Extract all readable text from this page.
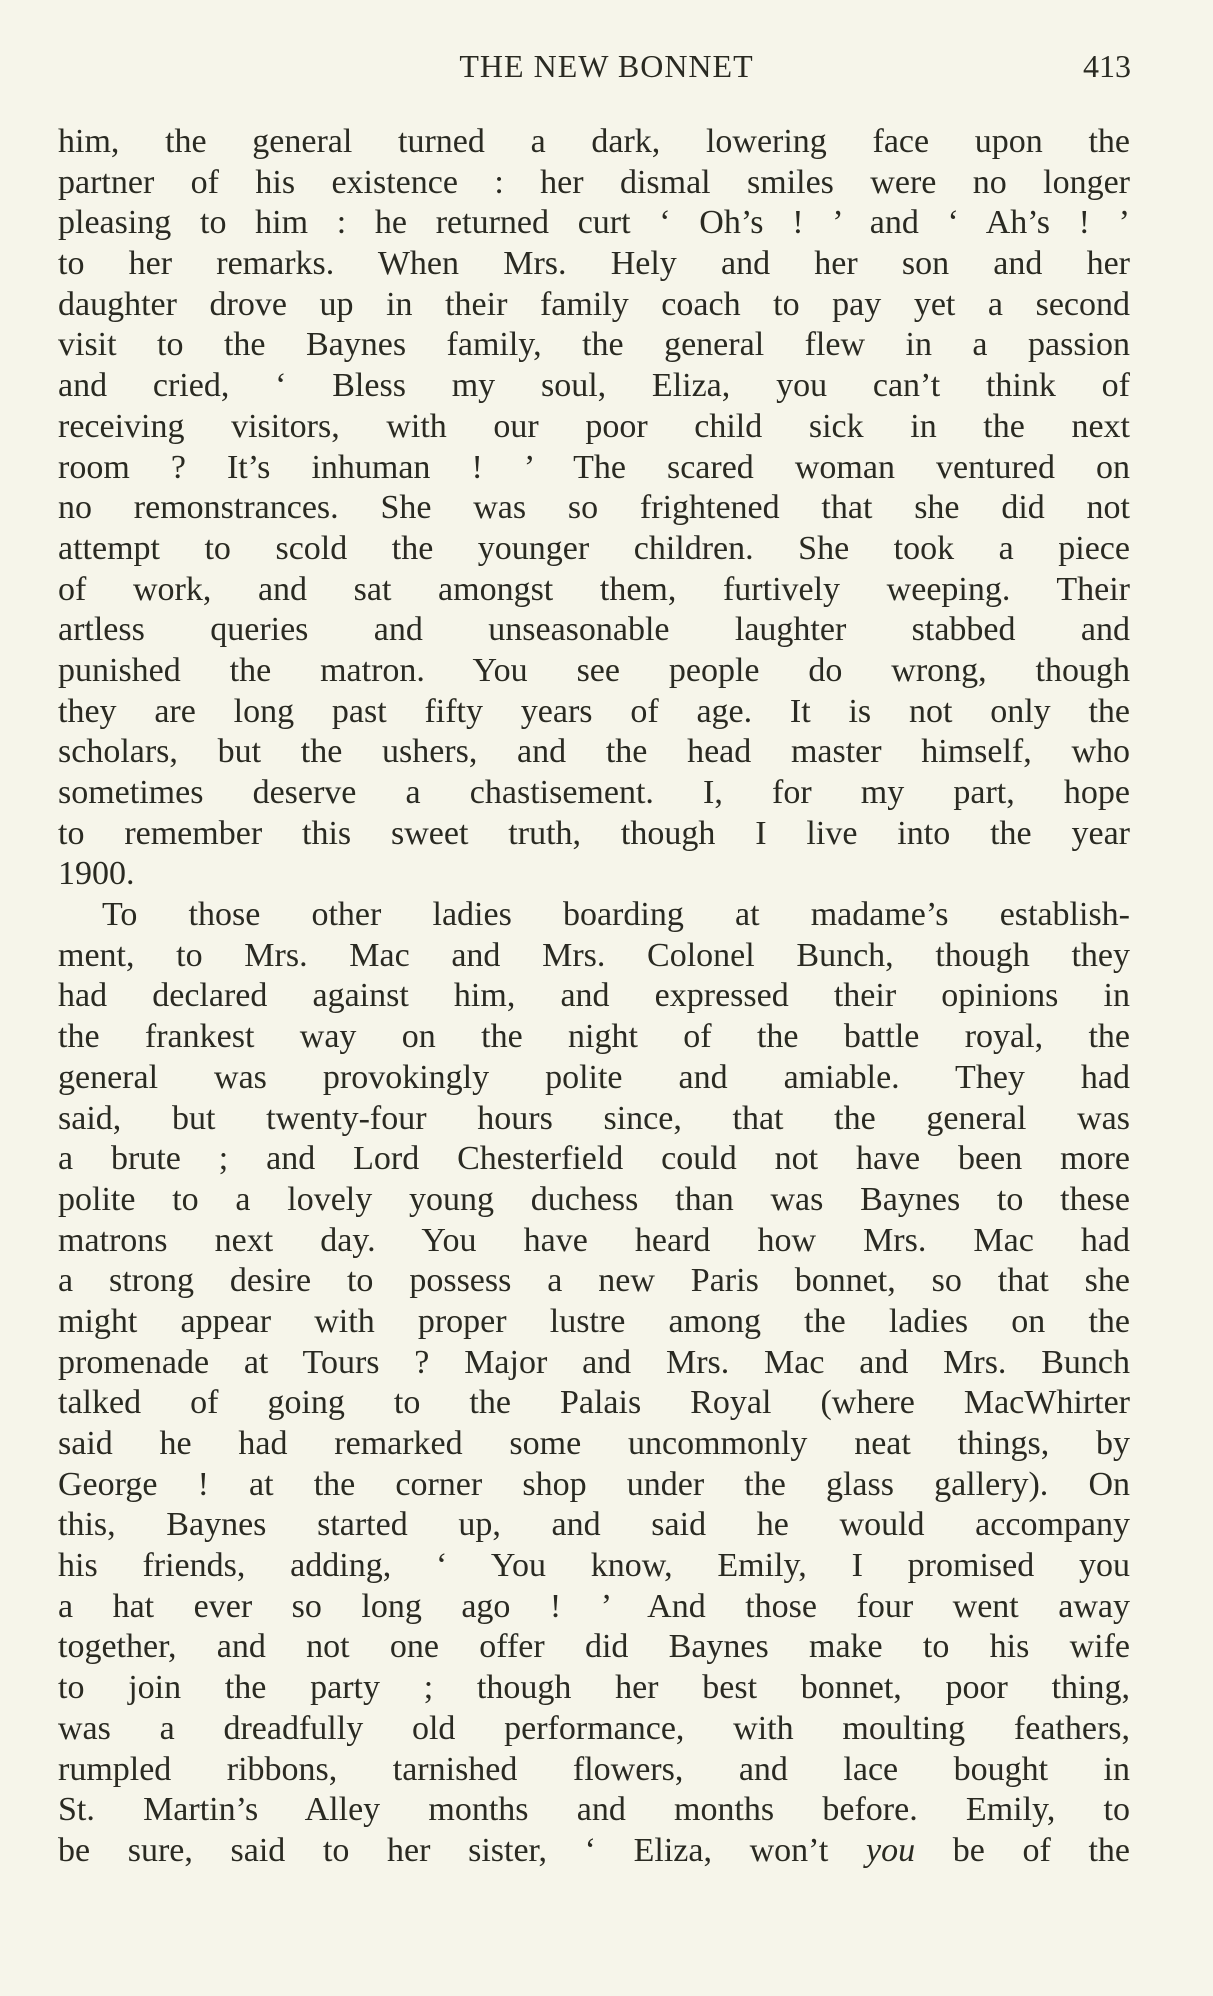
THE NEW BONNET	413
him, the general turned a dark, lowering face upon the
partner of his existence : her dismal smiles were no longer
pleasing to him : he returned curt ‘ Oh’s ! ’ and ‘ Ah’s ! ’
to her remarks. When Mrs. Hely and her son and her
daughter drove up in their family coach to pay yet a second
visit to the Baynes family, the general flew in a passion
and cried, ‘ Bless my soul, Eliza, you can’t think of
receiving visitors, with our poor child sick in the next
room ? It’s inhuman ! ’ The scared woman ventured on
no remonstrances. She was so frightened that she did not
attempt to scold the younger children. She took a piece
of work, and sat amongst them, furtively weeping. Their
artless queries and unseasonable laughter stabbed and
punished the matron. You see people do wrong, though
they are long past fifty years of age. It is not only the
scholars, but the ushers, and the head master himself, who
sometimes deserve a chastisement. I, for my part, hope
to remember this sweet truth, though I live into the year
1900.
To those other ladies boarding at madame’s establish-
ment, to Mrs. Mac and Mrs. Colonel Bunch, though they
had declared against him, and expressed their opinions in
the frankest way on the night of the battle royal, the
general was provokingly polite and amiable. They had
said, but twenty-four hours since, that the general was
a brute ; and Lord Chesterfield could not have been more
polite to a lovely young duchess than was Baynes to these
matrons next day. You have heard how Mrs. Mac had
a strong desire to possess a new Paris bonnet, so that she
might appear with proper lustre among the ladies on the
promenade at Tours ? Major and Mrs. Mac and Mrs. Bunch
talked of going to the Palais Royal (where MacWhirter
said he had remarked some uncommonly neat things, by
George ! at the corner shop under the glass gallery). On
this, Baynes started up, and said he would accompany
his friends, adding, ‘ You know, Emily, I promised you
a hat ever so long ago ! ’ And those four went away
together, and not one offer did Baynes make to his wife
to join the party ; though her best bonnet, poor thing,
was a dreadfully old performance, with moulting feathers,
rumpled ribbons, tarnished flowers, and lace bought in
St. Martin’s Alley months and months before. Emily, to
be sure, said to her sister, ‘ Eliza, won’t you be of the
